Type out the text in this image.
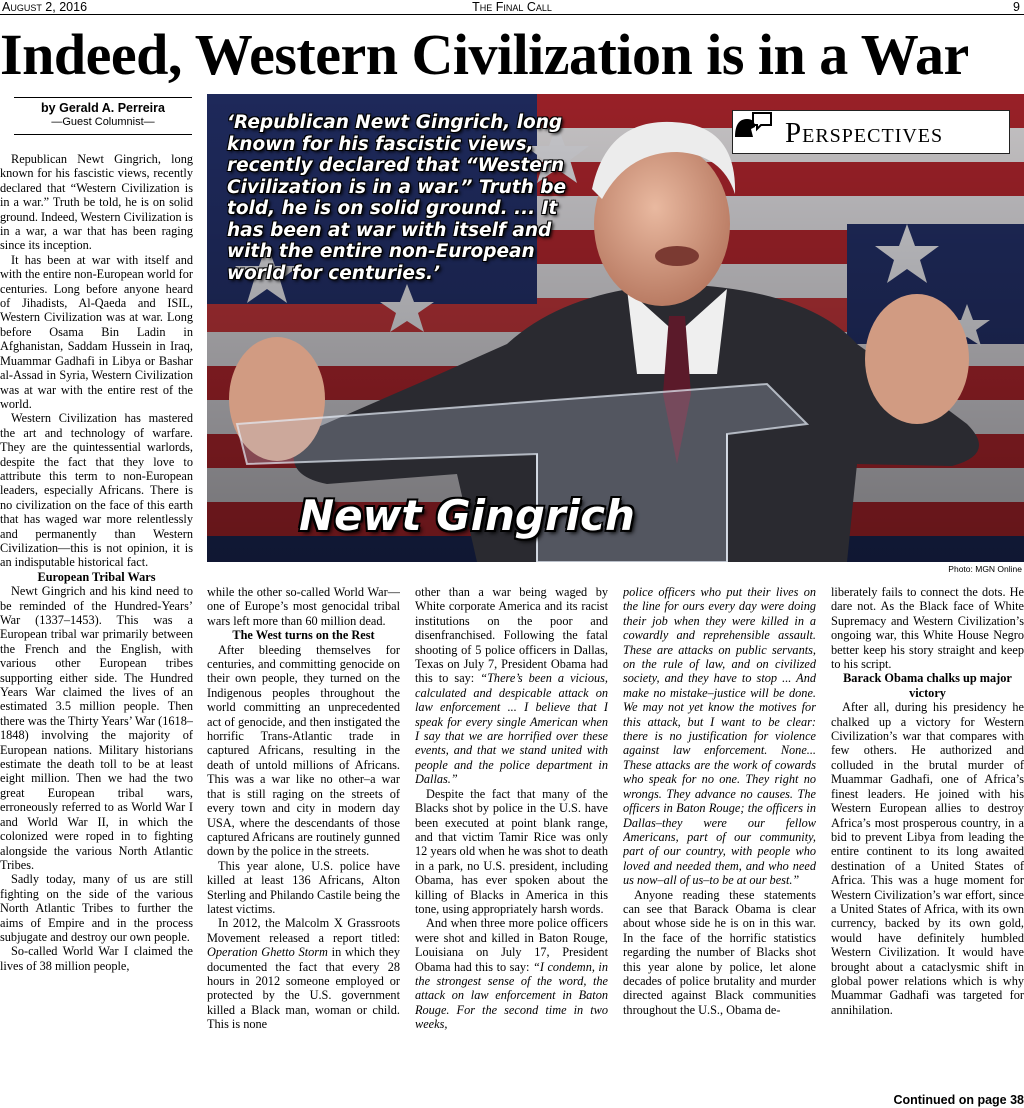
August 2, 2016	The Final Call	9
Indeed, Western Civilization is in a War
by Gerald A. Perreira
—Guest Columnist—	‘Republican Newt Gingrich, long known for his fascistic views, recently declared that “Western Civilization is in a war.” Truth be told, he is on solid ground. ... It has been at war with itself and with the entire non-European world for centuries.’
Perspectives
Newt Gingrich
Photo: MGN Online

Republican Newt Gingrich, long known for his fascistic views, recently declared that “Western Civilization is in a war.” Truth be told, he is on solid ground. Indeed, Western Civilization is in a war, a war that has been raging since its inception.

It has been at war with itself and with the entire non-European world for centuries. Long before anyone heard of Jihadists, Al-Qaeda and ISIL, Western Civilization was at war. Long before Osama Bin Ladin in Afghanistan, Saddam Hussein in Iraq, Muammar Gadhafi in Libya or Bashar al-Assad in Syria, Western Civilization was at war with the entire rest of the world.

Western Civilization has mastered the art and technology of warfare. They are the quintessential warlords, despite the fact that they love to attribute this term to non-European leaders, especially Africans. There is no civilization on the face of this earth that has waged war more relentlessly and permanently than Western Civilization—this is not opinion, it is an indisputable historical fact.

European Tribal Wars

Newt Gingrich and his kind need to be reminded of the Hundred-Years’ War (1337–1453). This was a European tribal war primarily between the French and the English, with various other European tribes supporting either side. The Hundred Years War claimed the lives of an estimated 3.5 million people. Then there was the Thirty Years’ War (1618–1848) involving the majority of European nations. Military historians estimate the death toll to be at least eight million. Then we had the two great European tribal wars, erroneously referred to as World War I and World War II, in which the colonized were roped in to fighting alongside the various North Atlantic Tribes.

Sadly today, many of us are still fighting on the side of the various North Atlantic Tribes to further the aims of Empire and in the process subjugate and destroy our own people.

So-called World War I claimed the lives of 38 million people,

while the other so-called World War—one of Europe’s most genocidal tribal wars left more than 60 million dead.

The West turns on the Rest

After bleeding themselves for centuries, and committing genocide on their own people, they turned on the Indigenous peoples throughout the world committing an unprecedented act of genocide, and then instigated the horrific Trans-Atlantic trade in captured Africans, resulting in the death of untold millions of Africans. This was a war like no other–a war that is still raging on the streets of every town and city in modern day USA, where the descendants of those captured Africans are routinely gunned down by the police in the streets.

This year alone, U.S. police have killed at least 136 Africans, Alton Sterling and Philando Castile being the latest victims.

In 2012, the Malcolm X Grassroots Movement released a report titled: Operation Ghetto Storm in which they documented the fact that every 28 hours in 2012 someone employed or protected by the U.S. government killed a Black man, woman or child. This is none

other than a war being waged by White corporate America and its racist institutions on the poor and disenfranchised. Following the fatal shooting of 5 police officers in Dallas, Texas on July 7, President Obama had this to say: “There’s been a vicious, calculated and despicable attack on law enforcement ... I believe that I speak for every single American when I say that we are horrified over these events, and that we stand united with people and the police department in Dallas.”

Despite the fact that many of the Blacks shot by police in the U.S. have been executed at point blank range, and that victim Tamir Rice was only 12 years old when he was shot to death in a park, no U.S. president, including Obama, has ever spoken about the killing of Blacks in America in this tone, using appropriately harsh words.

And when three more police officers were shot and killed in Baton Rouge, Louisiana on July 17, President Obama had this to say: “I condemn, in the strongest sense of the word, the attack on law enforcement in Baton Rouge. For the second time in two weeks,

police officers who put their lives on the line for ours every day were doing their job when they were killed in a cowardly and reprehensible assault. These are attacks on public servants, on the rule of law, and on civilized society, and they have to stop ... And make no mistake–justice will be done. We may not yet know the motives for this attack, but I want to be clear: there is no justification for violence against law enforcement. None... These attacks are the work of cowards who speak for no one. They right no wrongs. They advance no causes. The officers in Baton Rouge; the officers in Dallas–they were our fellow Americans, part of our community, part of our country, with people who loved and needed them, and who need us now–all of us–to be at our best.”

Anyone reading these statements can see that Barack Obama is clear about whose side he is on in this war. In the face of the horrific statistics regarding the number of Blacks shot this year alone by police, let alone decades of police brutality and murder directed against Black communities throughout the U.S., Obama de-

liberately fails to connect the dots. He dare not. As the Black face of White Supremacy and Western Civilization’s ongoing war, this White House Negro better keep his story straight and keep to his script.

Barack Obama chalks up major victory

After all, during his presidency he chalked up a victory for Western Civilization’s war that compares with few others. He authorized and colluded in the brutal murder of Muammar Gadhafi, one of Africa’s finest leaders. He joined with his Western European allies to destroy Africa’s most prosperous country, in a bid to prevent Libya from leading the entire continent to its long awaited destination of a United States of Africa. This was a huge moment for Western Civilization’s war effort, since a United States of Africa, with its own currency, backed by its own gold, would have definitely humbled Western Civilization. It would have brought about a cataclysmic shift in global power relations which is why Muammar Gadhafi was targeted for annihilation.

Continued on page 38
